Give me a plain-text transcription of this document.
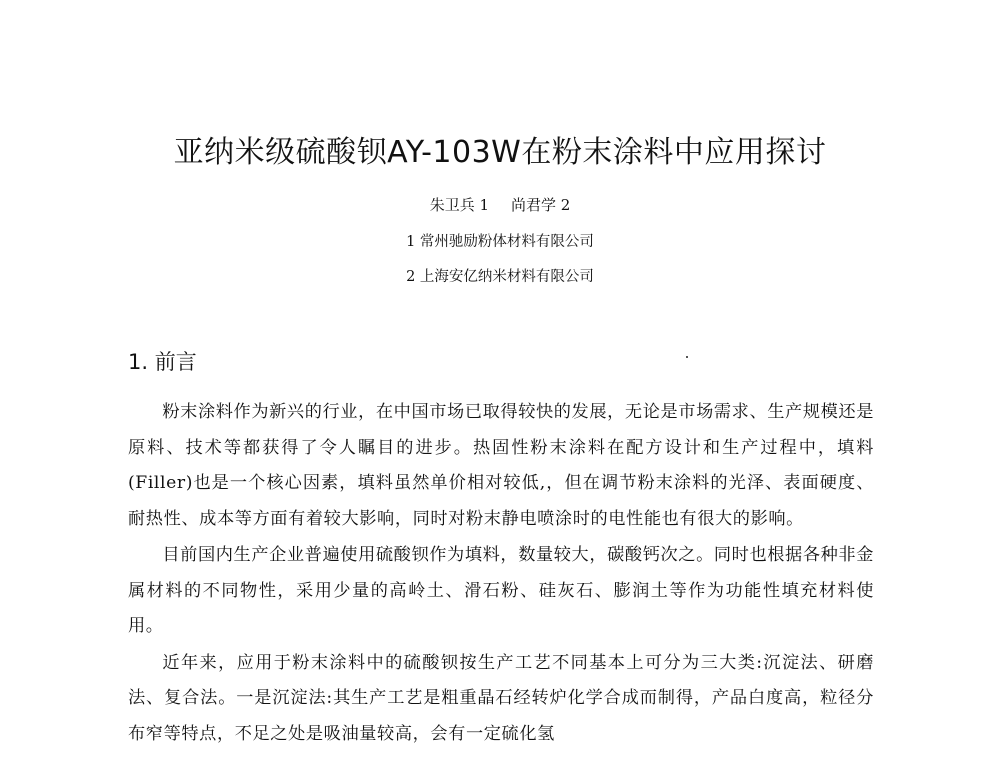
亚纳米级硫酸钡AY-103W在粉末涂料中应用探讨

朱卫兵 1 尚君学 2

1 常州驰励粉体材料有限公司

2 上海安亿纳米材料有限公司

1. 前言

粉末涂料作为新兴的行业，在中国市场已取得较快的发展，无论是市场需求、生产规模还是原料、技术等都获得了令人瞩目的进步。热固性粉末涂料在配方设计和生产过程中，填料(Filler)也是一个核心因素，填料虽然单价相对较低,，但在调节粉末涂料的光泽、表面硬度、耐热性、成本等方面有着较大影响，同时对粉末静电喷涂时的电性能也有很大的影响。

目前国内生产企业普遍使用硫酸钡作为填料，数量较大，碳酸钙次之。同时也根据各种非金属材料的不同物性，采用少量的高岭土、滑石粉、硅灰石、膨润土等作为功能性填充材料使用。

近年来，应用于粉末涂料中的硫酸钡按生产工艺不同基本上可分为三大类:沉淀法、研磨法、复合法。一是沉淀法:其生产工艺是粗重晶石经转炉化学合成而制得，产品白度高，粒径分布窄等特点，不足之处是吸油量较高，会有一定硫化氢
